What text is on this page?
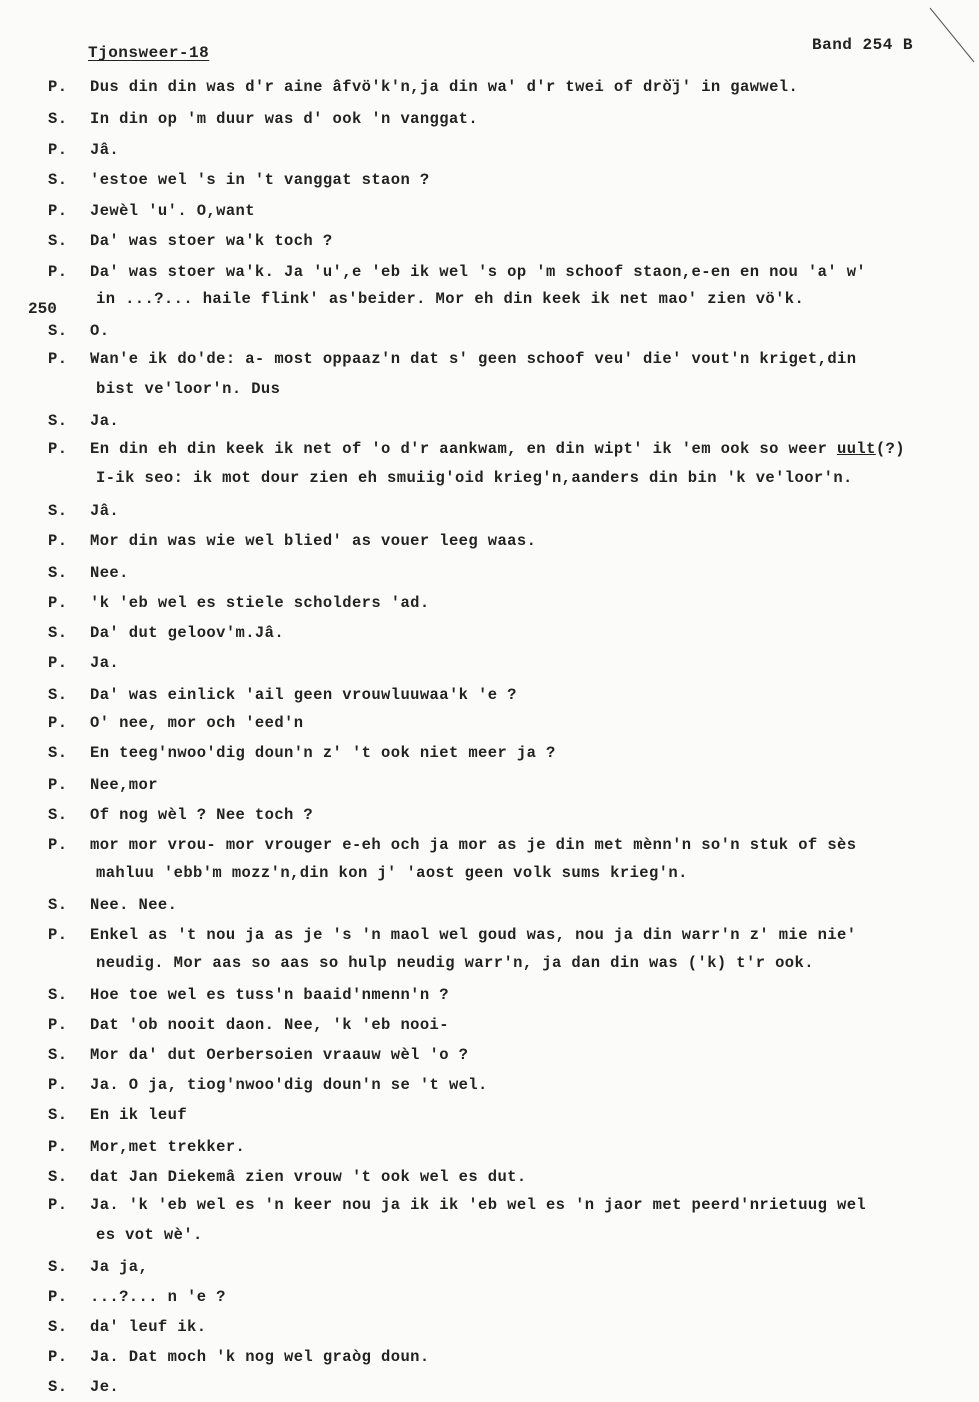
Tjonsweer-18	Band 254 B
250
P.	Dus din din was d'r aine âfvö'k'n,ja din wa' d'r twei of drò̈j' in gawwel.
S.	In din op 'm duur was d' ook 'n vanggat.
P.	Jâ.
S.	'estoe wel 's in 't vanggat staon ?
P.	Jewèl 'u'. O,want
S.	Da' was stoer wa'k toch ?
P.	Da' was stoer wa'k. Ja 'u',e 'eb ik wel 's op 'm schoof staon,e-en en nou 'a' w'
in ...?... haile flink' as'beider. Mor eh din keek ik net mao' zien vö'k.
S.	O.
P.	Wan'e ik do'de: a- most oppaaz'n dat s' geen schoof veu' die' vout'n kriget,din
bist ve'loor'n. Dus
S.	Ja.
P.	En din eh din keek ik net of 'o d'r aankwam, en din wipt' ik 'em ook so weer uult(?)
I-ik seo: ik mot dour zien eh smuiig'oid krieg'n,aanders din bin 'k ve'loor'n.
S.	Jâ.
P.	Mor din was wie wel blied' as vouer leeg waas.
S.	Nee.
P.	'k 'eb wel es stiele scholders 'ad.
S.	Da' dut geloov'm.Jâ.
P.	Ja.
S.	Da' was einlick 'ail geen vrouwluuwaa'k 'e ?
P.	O' nee, mor och 'eed'n
S.	En teeg'nwoo'dig doun'n z' 't ook niet meer ja ?
P.	Nee,mor
S.	Of nog wèl ? Nee toch ?
P.	mor mor vrou- mor vrouger e-eh och ja mor as je din met mènn'n so'n stuk of sès
mahluu 'ebb'm mozz'n,din kon j' 'aost geen volk sums krieg'n.
S.	Nee. Nee.
P.	Enkel as 't nou ja as je 's 'n maol wel goud was, nou ja din warr'n z' mie nie'
neudig. Mor aas so aas so hulp neudig warr'n, ja dan din was ('k) t'r ook.
S.	Hoe toe wel es tuss'n baaid'nmenn'n ?
P.	Dat 'ob nooit daon. Nee, 'k 'eb nooi-
S.	Mor da' dut Oerbersoien vraauw wèl 'o ?
P.	Ja. O ja, tiog'nwoo'dig doun'n se 't wel.
S.	En ik leuf
P.	Mor,met trekker.
S.	dat Jan Diekemâ zien vrouw 't ook wel es dut.
P.	Ja. 'k 'eb wel es 'n keer nou ja ik ik 'eb wel es 'n jaor met peerd'nrietuug wel
es vot wè'.
S.	Ja ja,
P.	...?... n 'e ?
S.	da' leuf ik.
P.	Ja. Dat moch 'k nog wel graòg doun.
S.	Je.
